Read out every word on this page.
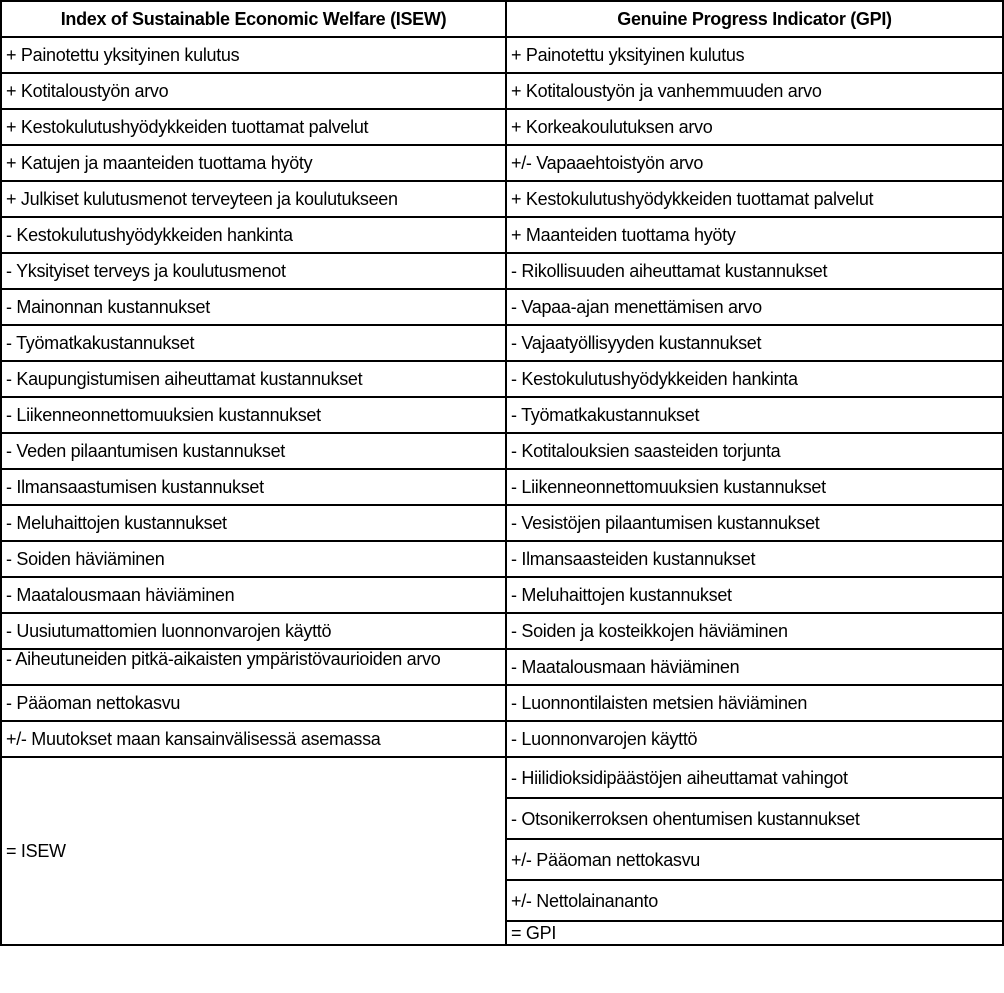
Index of Sustainable Economic Welfare (ISEW)	Genuine Progress Indicator (GPI)
+ Painotettu yksityinen kulutus	+ Painotettu yksityinen kulutus
+ Kotitaloustyön arvo	+ Kotitaloustyön ja vanhemmuuden arvo
+ Kestokulutushyödykkeiden tuottamat palvelut	+ Korkeakoulutuksen arvo
+ Katujen ja maanteiden tuottama hyöty	+/- Vapaaehtoistyön arvo
+ Julkiset kulutusmenot terveyteen ja koulutukseen	+ Kestokulutushyödykkeiden tuottamat palvelut
- Kestokulutushyödykkeiden hankinta	+ Maanteiden tuottama hyöty
- Yksityiset terveys ja koulutusmenot	- Rikollisuuden aiheuttamat kustannukset
- Mainonnan kustannukset	- Vapaa-ajan menettämisen arvo
- Työmatkakustannukset	- Vajaatyöllisyyden kustannukset
- Kaupungistumisen aiheuttamat kustannukset	- Kestokulutushyödykkeiden hankinta
- Liikenneonnettomuuksien kustannukset	- Työmatkakustannukset
- Veden pilaantumisen kustannukset	- Kotitalouksien saasteiden torjunta
- Ilmansaastumisen kustannukset	- Liikenneonnettomuuksien kustannukset
- Meluhaittojen kustannukset	- Vesistöjen pilaantumisen kustannukset
- Soiden häviäminen	- Ilmansaasteiden kustannukset
- Maatalousmaan häviäminen	- Meluhaittojen kustannukset
- Uusiutumattomien luonnonvarojen käyttö	- Soiden ja kosteikkojen häviäminen
- Aiheutuneiden pitkä-aikaisten ympäristövaurioiden arvo	- Maatalousmaan häviäminen
- Pääoman nettokasvu	- Luonnontilaisten metsien häviäminen
+/- Muutokset maan kansainvälisessä asemassa	- Luonnonvarojen käyttö
= ISEW	- Hiilidioksidipäästöjen aiheuttamat vahingot
	- Otsonikerroksen ohentumisen kustannukset
	+/- Pääoman nettokasvu
	+/- Nettolainananto
	= GPI
